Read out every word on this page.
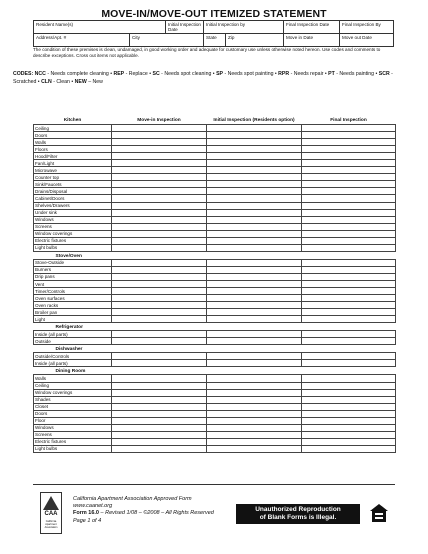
MOVE-IN/MOVE-OUT ITEMIZED STATEMENT
Resident Name(s)		Initial Inspection Date	Initial Inspection by		Final Inspection Date	Final Inspection By
Address/Apt. #	City		State	Zip	Move in Date	Move out Date
The condition of these premises is clean, undamaged, in good working order and adequate for customary use unless otherwise noted hereon. Use codes and comments to describe exceptions. Cross out items not applicable.
CODES: NCC - Needs complete cleaning • REP - Replace • SC - Needs spot cleaning • SP - Needs spot painting • RPR - Needs repair • PT - Needs painting • SCR - Scratched • CLN - Clean • NEW – New
Kitchen	Move-in Inspection	Initial Inspection (Residents option)	Final Inspection
Ceiling			
Doors			
Walls			
Floors			
Hood/Filter			
Fan/Light			
Microwave			
Counter top			
Sink/Faucets			
Drains/Disposal			
Cabinet/Doors			
Shelves/Drawers			
Under sink			
Windows			
Screens			
Window coverings			
Electric fixtures			
Light bulbs			
Stove/Oven			
Stove-Outside			
Burners			
Drip pans			
Vent			
Timer/Controls			
Oven surfaces			
Oven racks			
Broiler pan			
Light			
Refrigerator			
Inside (all parts)			
Outside			
Dishwasher			
Outside/Controls			
Inside (all parts)			
Dining Room			
Walls			
Ceiling			
Window coverings			
Shades			
Closet			
Doors			
Floor			
Windows			
Screens			
Electric fixtures			
Light bulbs			
CAA
California Apartment Association
California Apartment Association Approved Form
www.caanet.org
Form 16.0 – Revised 1/08 – ©2008 – All Rights Reserved
Page 1 of 4
Unauthorized Reproduction
of Blank Forms is Illegal.
